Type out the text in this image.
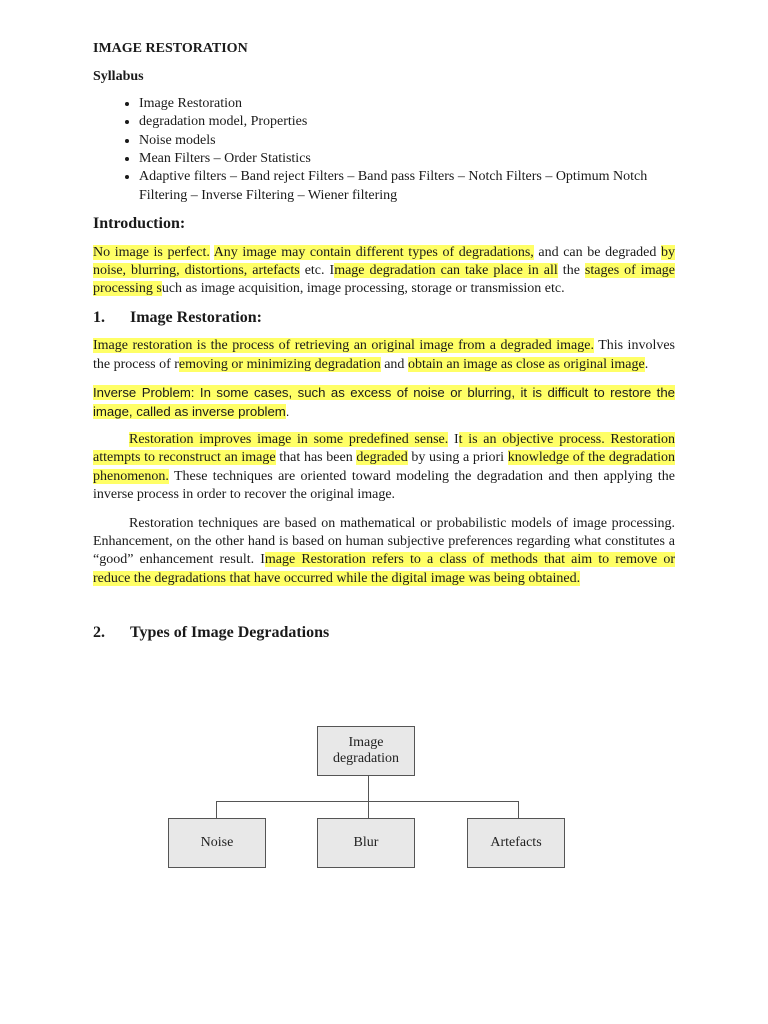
IMAGE RESTORATION
Syllabus
• Image Restoration
• degradation model, Properties
• Noise models
• Mean Filters – Order Statistics
• Adaptive filters – Band reject Filters – Band pass Filters – Notch Filters – Optimum Notch Filtering – Inverse Filtering – Wiener filtering
Introduction:

No image is perfect. Any image may contain different types of degradations, and can be degraded by noise, blurring, distortions, artefacts etc. Image degradation can take place in all the stages of image processing such as image acquisition, image processing, storage or transmission etc.

1.	Image Restoration:

Image restoration is the process of retrieving an original image from a degraded image. This involves the process of removing or minimizing degradation and obtain an image as close as original image.

Inverse Problem: In some cases, such as excess of noise or blurring, it is difficult to restore the image, called as inverse problem.

Restoration improves image in some predefined sense. It is an objective process. Restoration attempts to reconstruct an image that has been degraded by using a priori knowledge of the degradation phenomenon. These techniques are oriented toward modeling the degradation and then applying the inverse process in order to recover the original image.

Restoration techniques are based on mathematical or probabilistic models of image processing. Enhancement, on the other hand is based on human subjective preferences regarding what constitutes a “good” enhancement result. Image Restoration refers to a class of methods that aim to remove or reduce the degradations that have occurred while the digital image was being obtained.

2.	Types of Image Degradations
Image degradation
Noise	Blur	Artefacts
